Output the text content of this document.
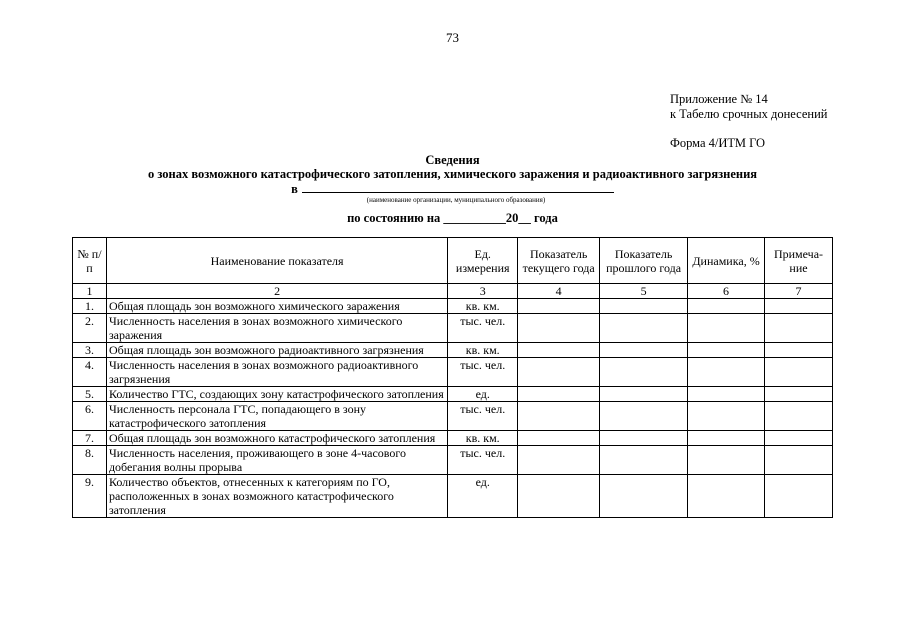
73
Приложение № 14
к Табелю срочных донесений
Форма 4/ИТМ ГО
Сведения
о зонах возможного катастрофического затопления, химического заражения и радиоактивного загрязнения
в
(наименование организации, муниципального образования)
по состоянию на __________20__ года
№ п/п	Наименование показателя	Ед. измерения	Показатель текущего года	Показатель прошлого года	Динамика, %	Примеча-ние
1	2	3	4	5	6	7
1.	Общая площадь зон возможного химического заражения	кв. км.				
2.	Численность населения в зонах возможного химического заражения	тыс. чел.				
3.	Общая площадь зон возможного радиоактивного загрязнения	кв. км.				
4.	Численность населения в зонах возможного радиоактивного загрязнения	тыс. чел.				
5.	Количество ГТС, создающих зону катастрофического затопления	ед.				
6.	Численность персонала ГТС, попадающего в зону катастрофического затопления	тыс. чел.				
7.	Общая площадь зон возможного катастрофического затопления	кв. км.				
8.	Численность населения, проживающего в зоне 4-часового добегания волны прорыва	тыс. чел.				
9.	Количество объектов, отнесенных к категориям по ГО, расположенных в зонах возможного катастрофического затопления	ед.				
